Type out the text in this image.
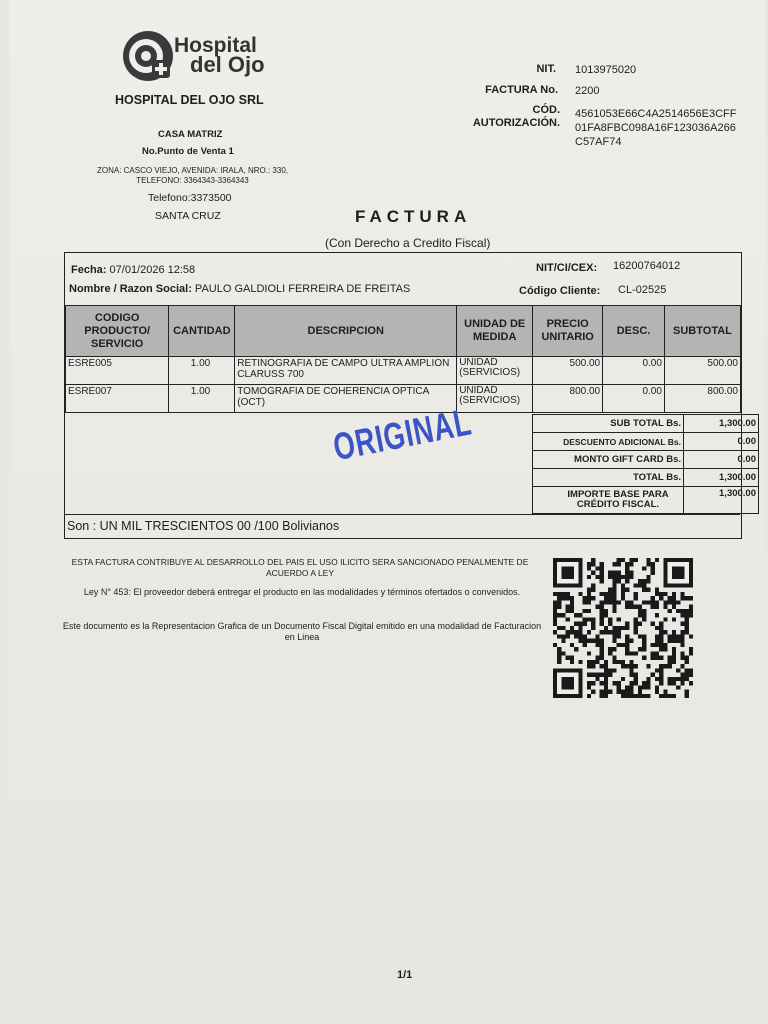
Hospital
del Ojo
HOSPITAL DEL OJO SRL
CASA MATRIZ
No.Punto de Venta 1
ZONA: CASCO VIEJO, AVENIDA: IRALA, NRO.: 330,
TELEFONO: 3364343-3364343
Telefono:3373500
SANTA CRUZ
NIT. 1013975020
FACTURA No. 2200
CÓD.
AUTORIZACIÓN.
4561053E66C4A2514656E3CFF
01FA8FBC098A16F123036A266
C57AF74
FACTURA
(Con Derecho a Credito Fiscal)
Fecha: 07/01/2026 12:58
Nombre / Razon Social: PAULO GALDIOLI FERREIRA DE FREITAS
NIT/CI/CEX: 16200764012
Código Cliente: CL-02525
CODIGO PRODUCTO/ SERVICIO	CANTIDAD	DESCRIPCION	UNIDAD DE MEDIDA	PRECIO UNITARIO	DESC.	SUBTOTAL
ESRE005	1.00	RETINOGRAFIA DE CAMPO ULTRA AMPLION CLARUSS 700	UNIDAD (SERVICIOS)	500.00	0.00	500.00
ESRE007	1.00	TOMOGRAFIA DE COHERENCIA OPTICA (OCT)	UNIDAD (SERVICIOS)	800.00	0.00	800.00
SUB TOTAL Bs.	1,300.00
DESCUENTO ADICIONAL Bs.	0.00
MONTO GIFT CARD Bs.	0.00
TOTAL Bs.	1,300.00
IMPORTE BASE PARA CRÉDITO FISCAL.	1,300.00
ORIGINAL
Son : UN MIL TRESCIENTOS 00 /100 Bolivianos
ESTA FACTURA CONTRIBUYE AL DESARROLLO DEL PAIS EL USO ILICITO SERA SANCIONADO PENALMENTE DE ACUERDO A LEY
Ley N° 453: El proveedor deberá entregar el producto en las modalidades y términos ofertados o convenidos.
Este documento es la Representacion Grafica de un Documento Fiscal Digital emitido en una modalidad de Facturacion en Linea
1/1
